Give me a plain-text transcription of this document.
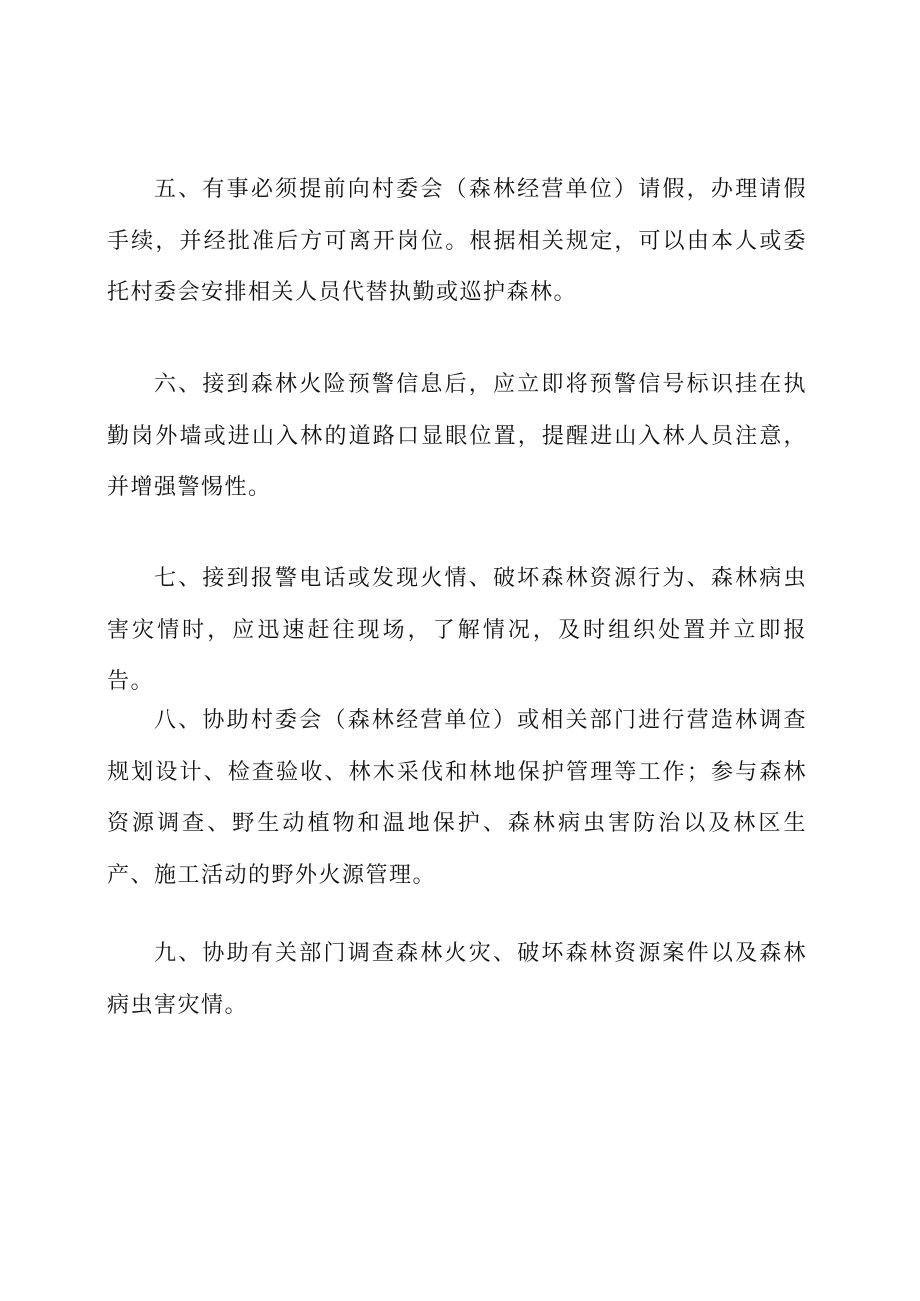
五、有事必须提前向村委会（森林经营单位）请假，办理请假手续，并经批准后方可离开岗位。根据相关规定，可以由本人或委托村委会安排相关人员代替执勤或巡护森林。

六、接到森林火险预警信息后，应立即将预警信号标识挂在执勤岗外墙或进山入林的道路口显眼位置，提醒进山入林人员注意，并增强警惕性。

七、接到报警电话或发现火情、破坏森林资源行为、森林病虫害灾情时，应迅速赶往现场，了解情况，及时组织处置并立即报告。

八、协助村委会（森林经营单位）或相关部门进行营造林调查规划设计、检查验收、林木采伐和林地保护管理等工作；参与森林资源调查、野生动植物和温地保护、森林病虫害防治以及林区生产、施工活动的野外火源管理。

九、协助有关部门调查森林火灾、破坏森林资源案件以及森林病虫害灾情。
